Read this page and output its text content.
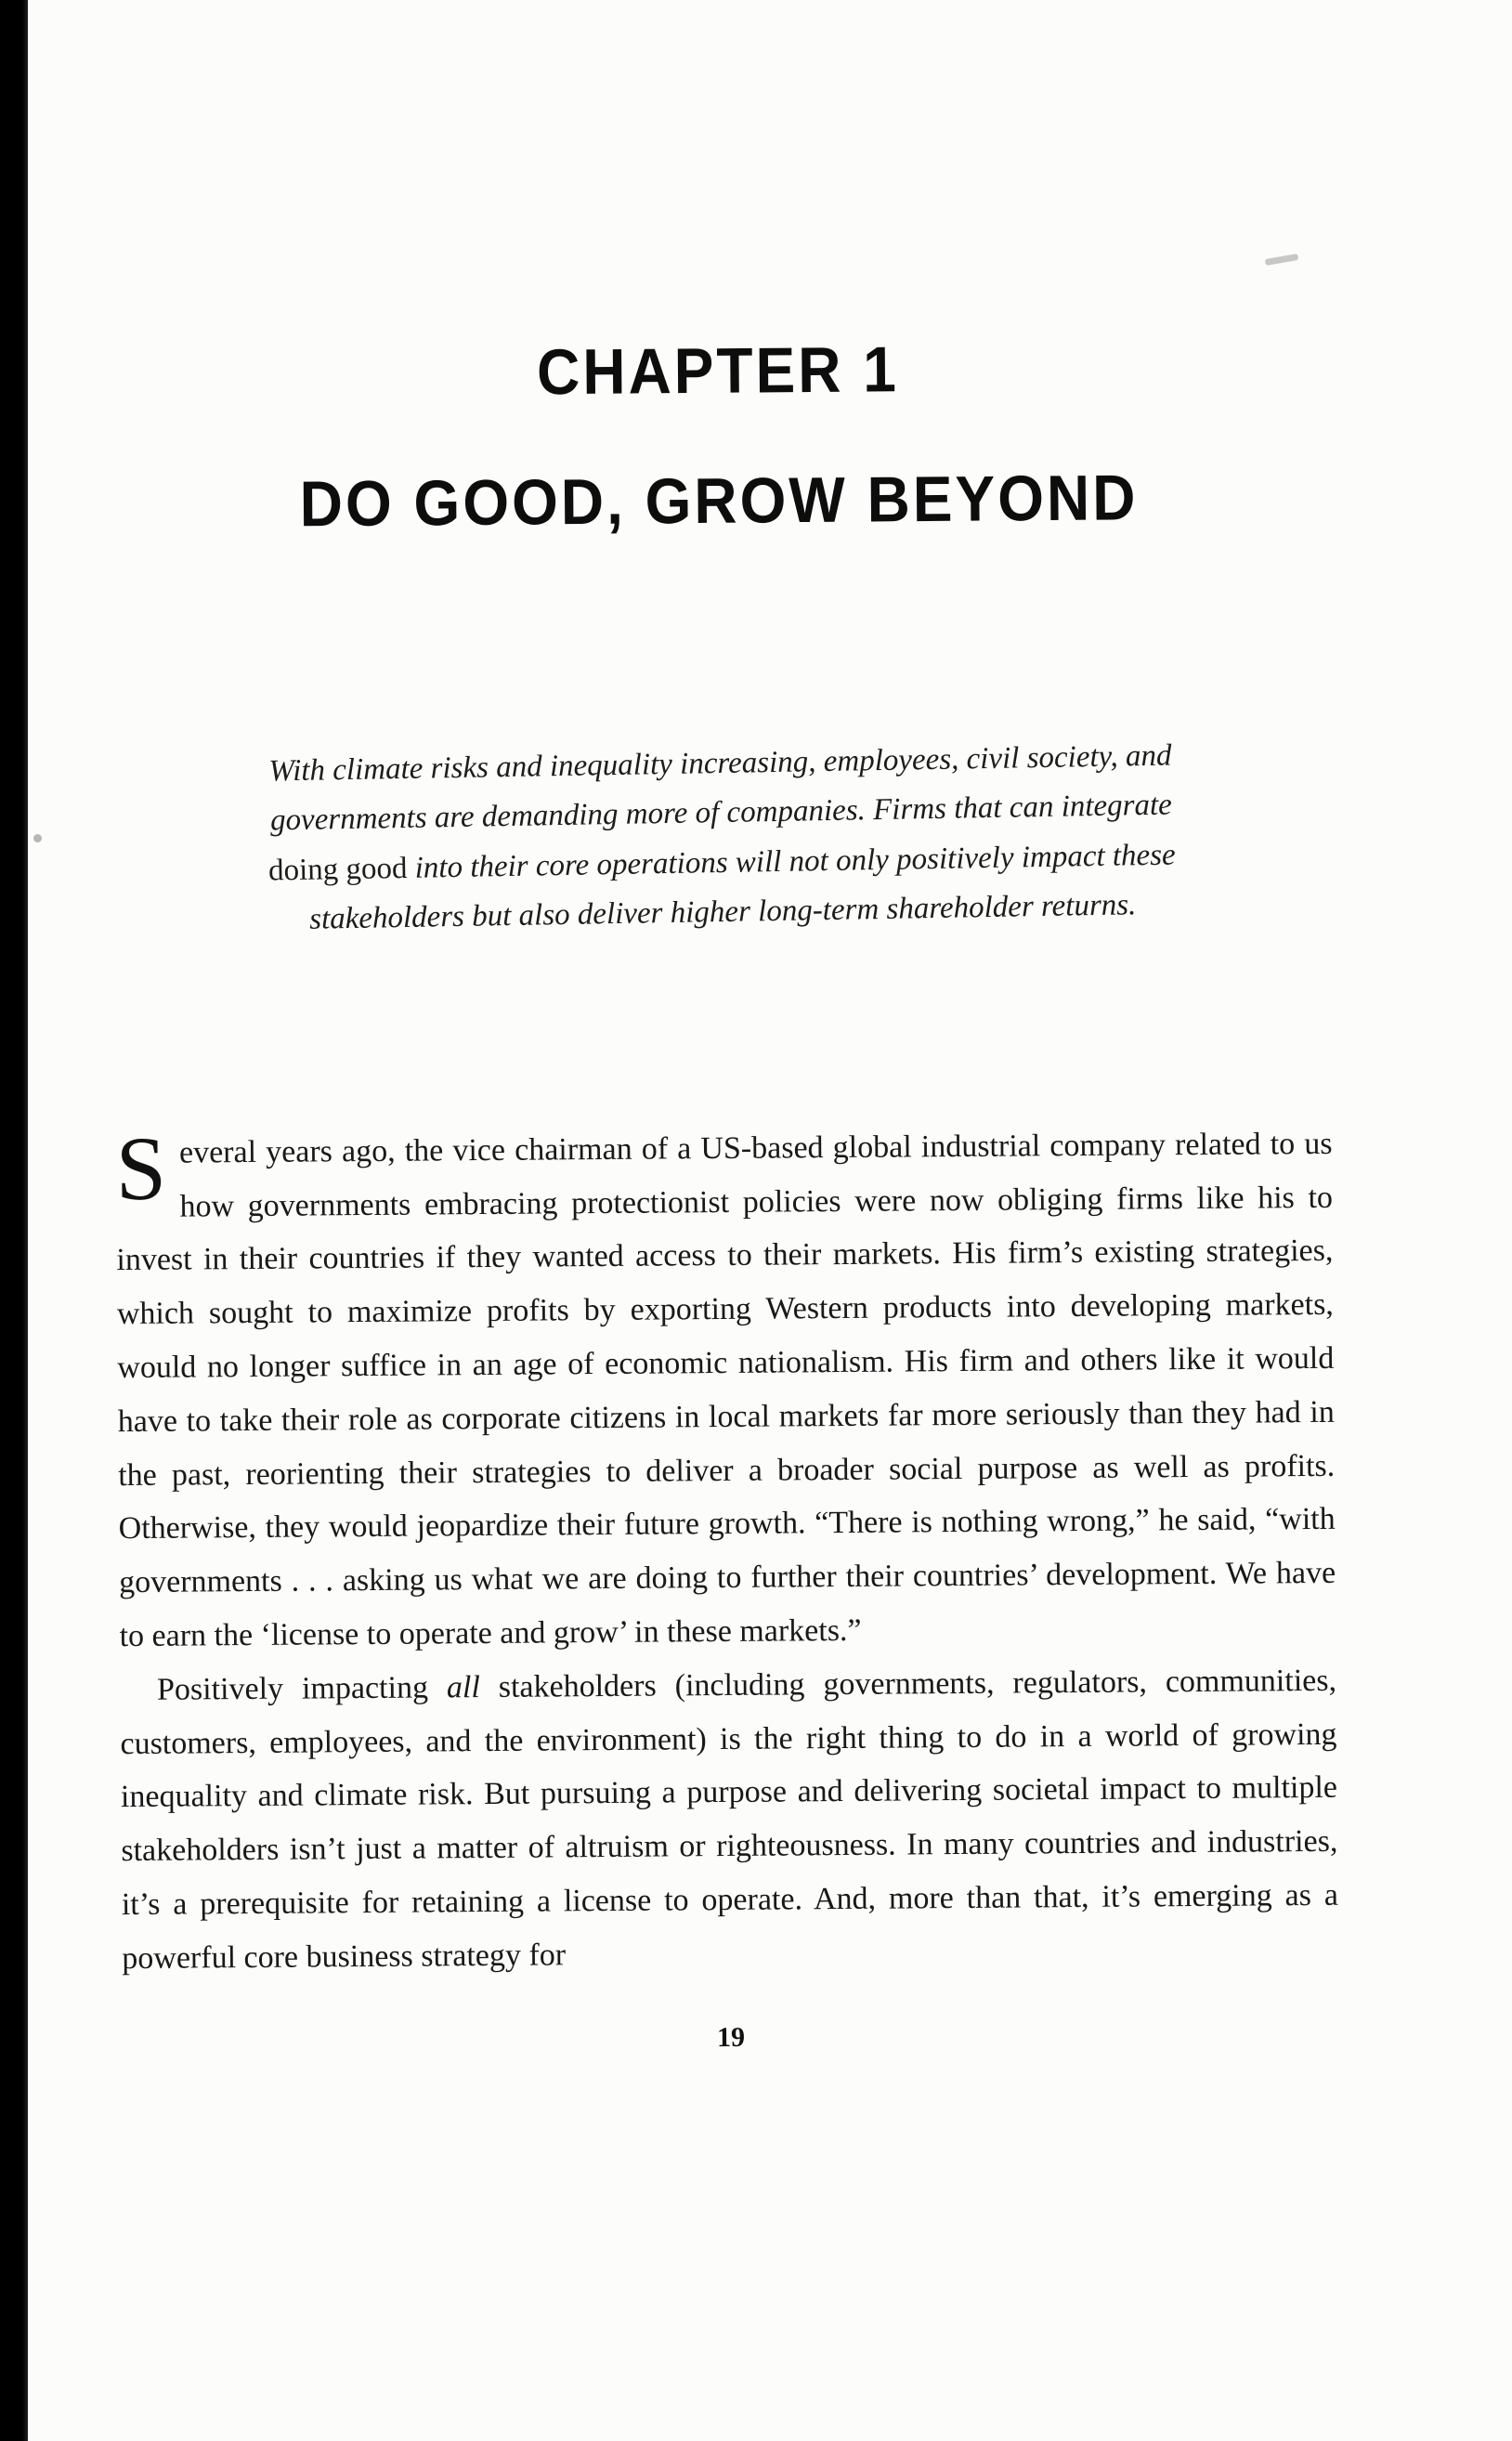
CHAPTER 1
DO GOOD, GROW BEYOND
With climate risks and inequality increasing, employees, civil society, and governments are demanding more of companies. Firms that can integrate doing good into their core operations will not only positively impact these stakeholders but also deliver higher long-term shareholder returns.

Several years ago, the vice chairman of a US-based global industrial company related to us how governments embracing protectionist policies were now obliging firms like his to invest in their countries if they wanted access to their markets. His firm’s existing strategies, which sought to maximize profits by exporting Western products into developing markets, would no longer suffice in an age of economic nationalism. His firm and others like it would have to take their role as corporate citizens in local markets far more seriously than they had in the past, reorienting their strategies to deliver a broader social purpose as well as profits. Otherwise, they would jeopardize their future growth. “There is nothing wrong,” he said, “with governments . . . asking us what we are doing to further their countries’ development. We have to earn the ‘license to operate and grow’ in these markets.”

Positively impacting all stakeholders (including governments, regulators, communities, customers, employees, and the environment) is the right thing to do in a world of growing inequality and climate risk. But pursuing a purpose and delivering societal impact to multiple stakeholders isn’t just a matter of altruism or righteousness. In many countries and industries, it’s a prerequisite for retaining a license to operate. And, more than that, it’s emerging as a powerful core business strategy for

19
